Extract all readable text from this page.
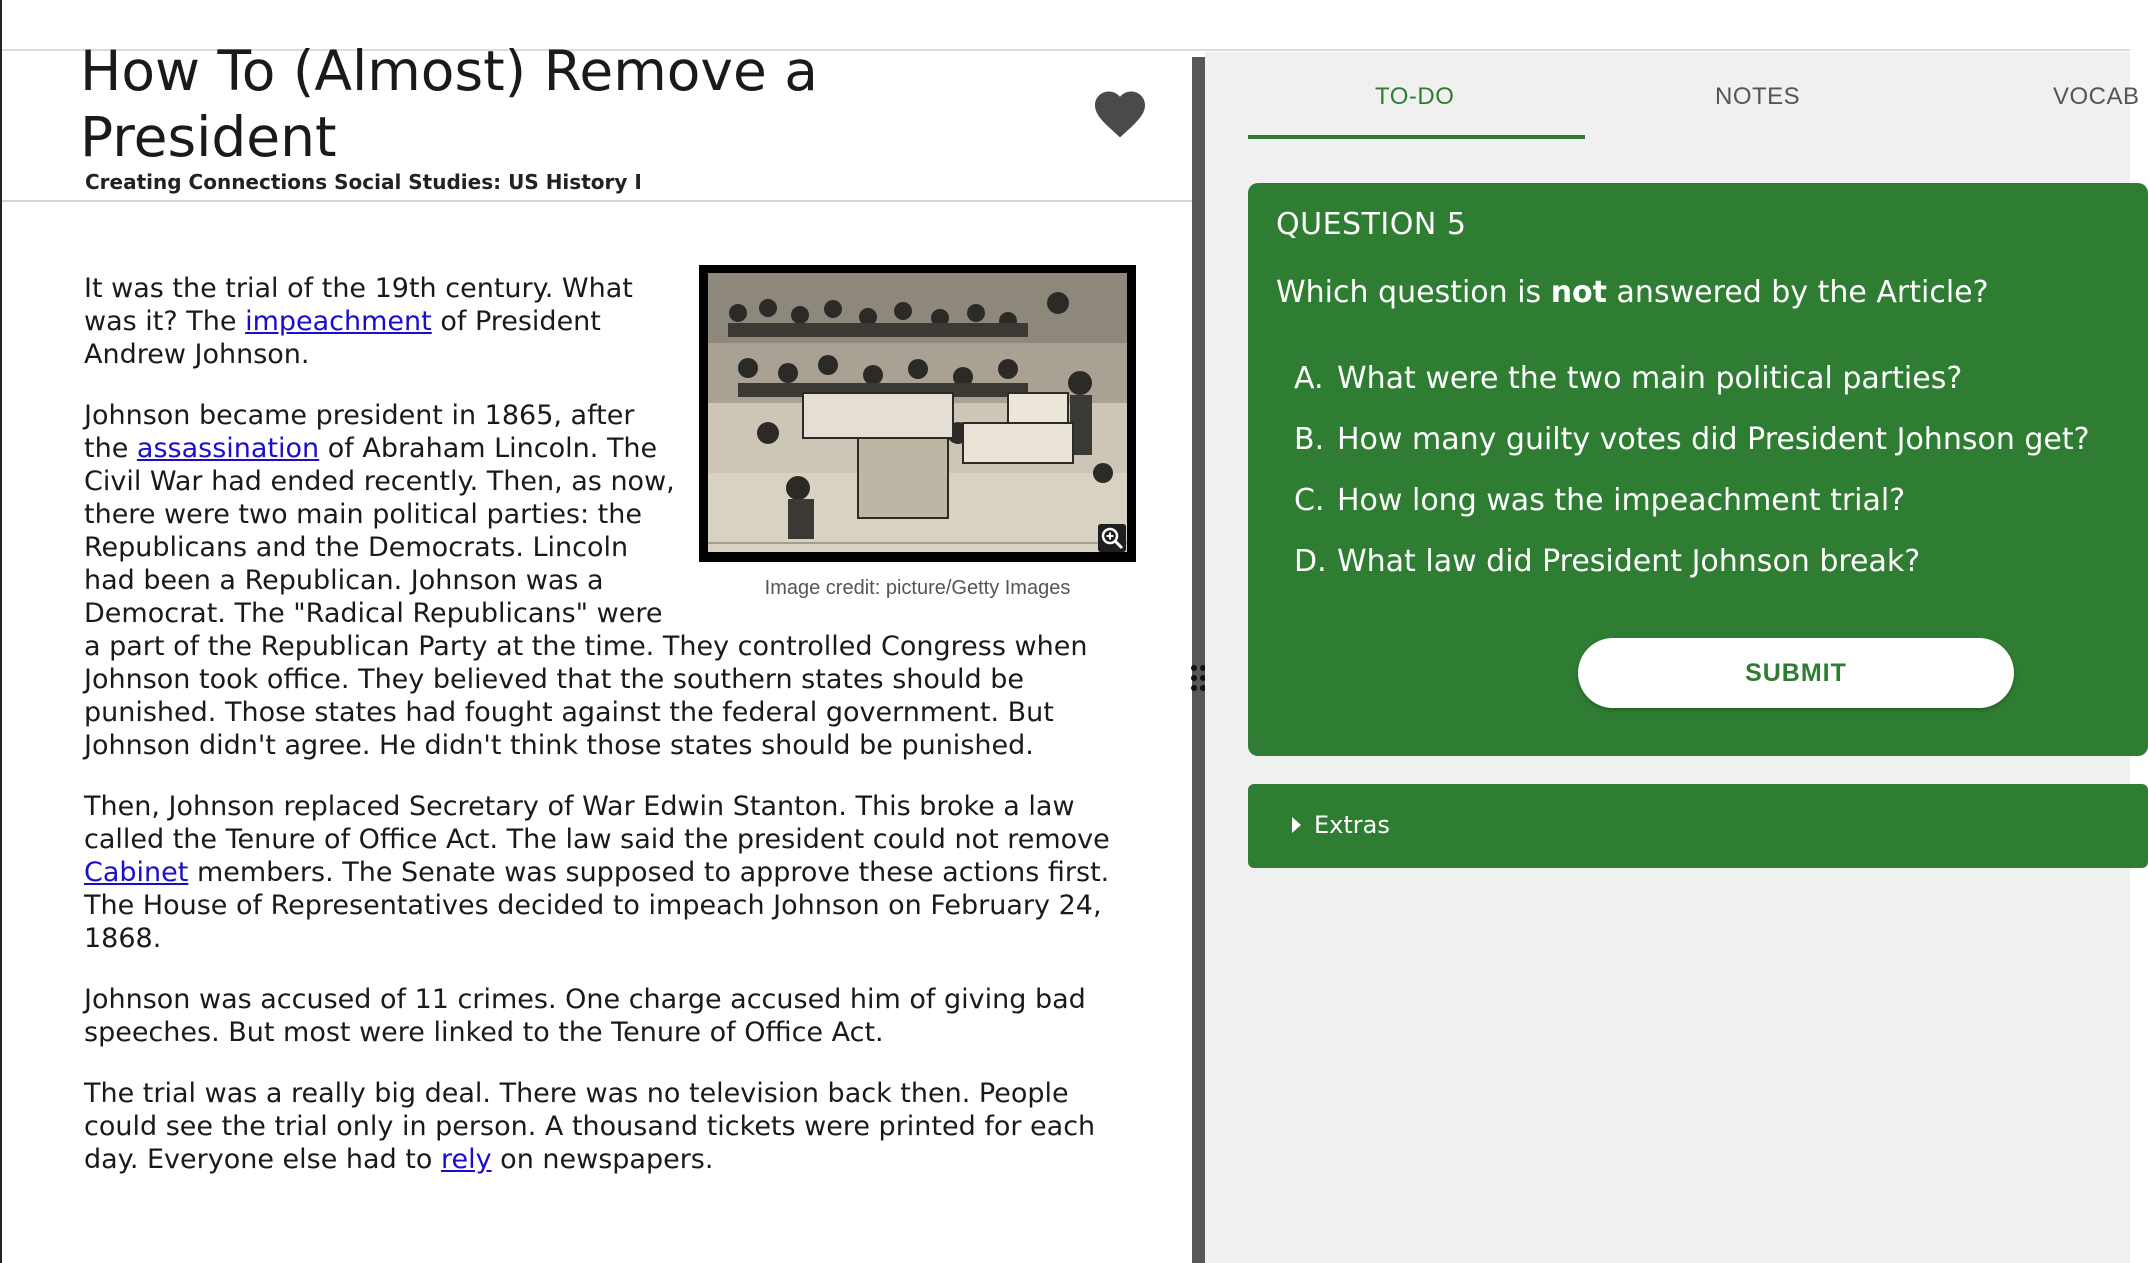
How To (Almost) Remove a President
Creating Connections Social Studies: US History I
Image credit: picture/Getty Images

It was the trial of the 19th century. What was it? The impeachment of President Andrew Johnson.

Johnson became president in 1865, after the assassination of Abraham Lincoln. The Civil War had ended recently. Then, as now, there were two main political parties: the Republicans and the Democrats. Lincoln had been a Republican. Johnson was a Democrat. The "Radical Republicans" were a part of the Republican Party at the time. They controlled Congress when Johnson took office. They believed that the southern states should be punished. Those states had fought against the federal government. But Johnson didn't agree. He didn't think those states should be punished.

Then, Johnson replaced Secretary of War Edwin Stanton. This broke a law called the Tenure of Office Act. The law said the president could not remove Cabinet members. The Senate was supposed to approve these actions first. The House of Representatives decided to impeach Johnson on February 24, 1868.

Johnson was accused of 11 crimes. One charge accused him of giving bad speeches. But most were linked to the Tenure of Office Act.

The trial was a really big deal. There was no television back then. People could see the trial only in person. A thousand tickets were printed for each day. Everyone else had to rely on newspapers.

TO-DO	NOTES	VOCAB
QUESTION 5
Which question is not answered by the Article?
A. What were the two main political parties?
B. How many guilty votes did President Johnson get?
C. How long was the impeachment trial?
D. What law did President Johnson break?
SUBMIT
Extras
